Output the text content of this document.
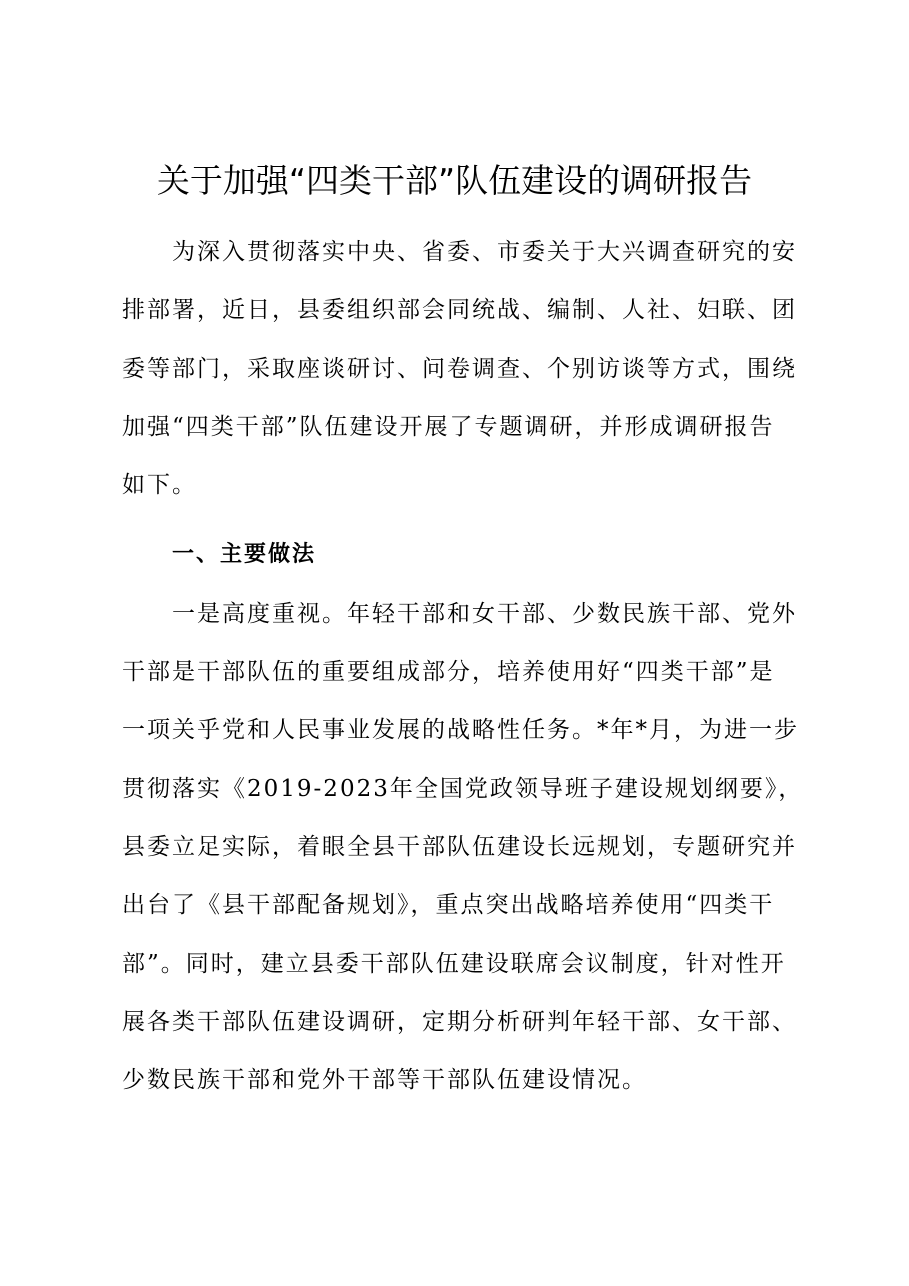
关于加强“四类干部”队伍建设的调研报告
为深入贯彻落实中央、省委、市委关于大兴调查研究的安
排部署，近日，县委组织部会同统战、编制、人社、妇联、团
委等部门，采取座谈研讨、问卷调查、个别访谈等方式，围绕
加强“四类干部”队伍建设开展了专题调研，并形成调研报告
如下。
一、主要做法
一是高度重视。年轻干部和女干部、少数民族干部、党外
干部是干部队伍的重要组成部分，培养使用好“四类干部”是
一项关乎党和人民事业发展的战略性任务。*年*月，为进一步
贯彻落实《2019-2023年全国党政领导班子建设规划纲要》，
县委立足实际，着眼全县干部队伍建设长远规划，专题研究并
出台了《县干部配备规划》，重点突出战略培养使用“四类干
部”。同时，建立县委干部队伍建设联席会议制度，针对性开
展各类干部队伍建设调研，定期分析研判年轻干部、女干部、
少数民族干部和党外干部等干部队伍建设情况。
